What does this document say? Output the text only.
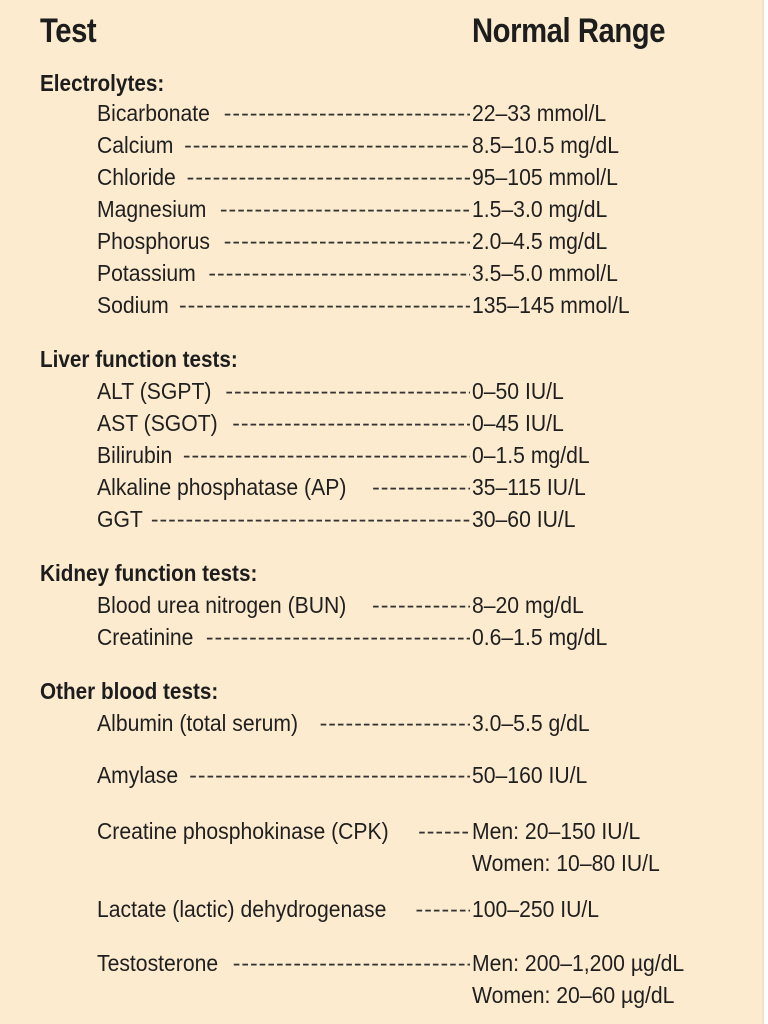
Test	Normal Range
Electrolytes:
Bicarbonate -----	22–33 mmol/L
Calcium -----	8.5–10.5 mg/dL
Chloride -----	95–105 mmol/L
Magnesium -----	1.5–3.0 mg/dL
Phosphorus -----	2.0–4.5 mg/dL
Potassium -----	3.5–5.0 mmol/L
Sodium -----	135–145 mmol/L
Liver function tests:
ALT (SGPT) -----	0–50 IU/L
AST (SGOT) -----	0–45 IU/L
Bilirubin -----	0–1.5 mg/dL
Alkaline phosphatase (AP) -----	35–115 IU/L
GGT -----	30–60 IU/L
Kidney function tests:
Blood urea nitrogen (BUN) -----	8–20 mg/dL
Creatinine -----	0.6–1.5 mg/dL
Other blood tests:
Albumin (total serum) -----	3.0–5.5 g/dL
Amylase -----	50–160 IU/L
Creatine phosphokinase (CPK) -----	Men: 20–150 IU/L
Women: 10–80 IU/L
Lactate (lactic) dehydrogenase -----	100–250 IU/L
Testosterone -----	Men: 200–1,200 µg/dL
Women: 20–60 µg/dL
